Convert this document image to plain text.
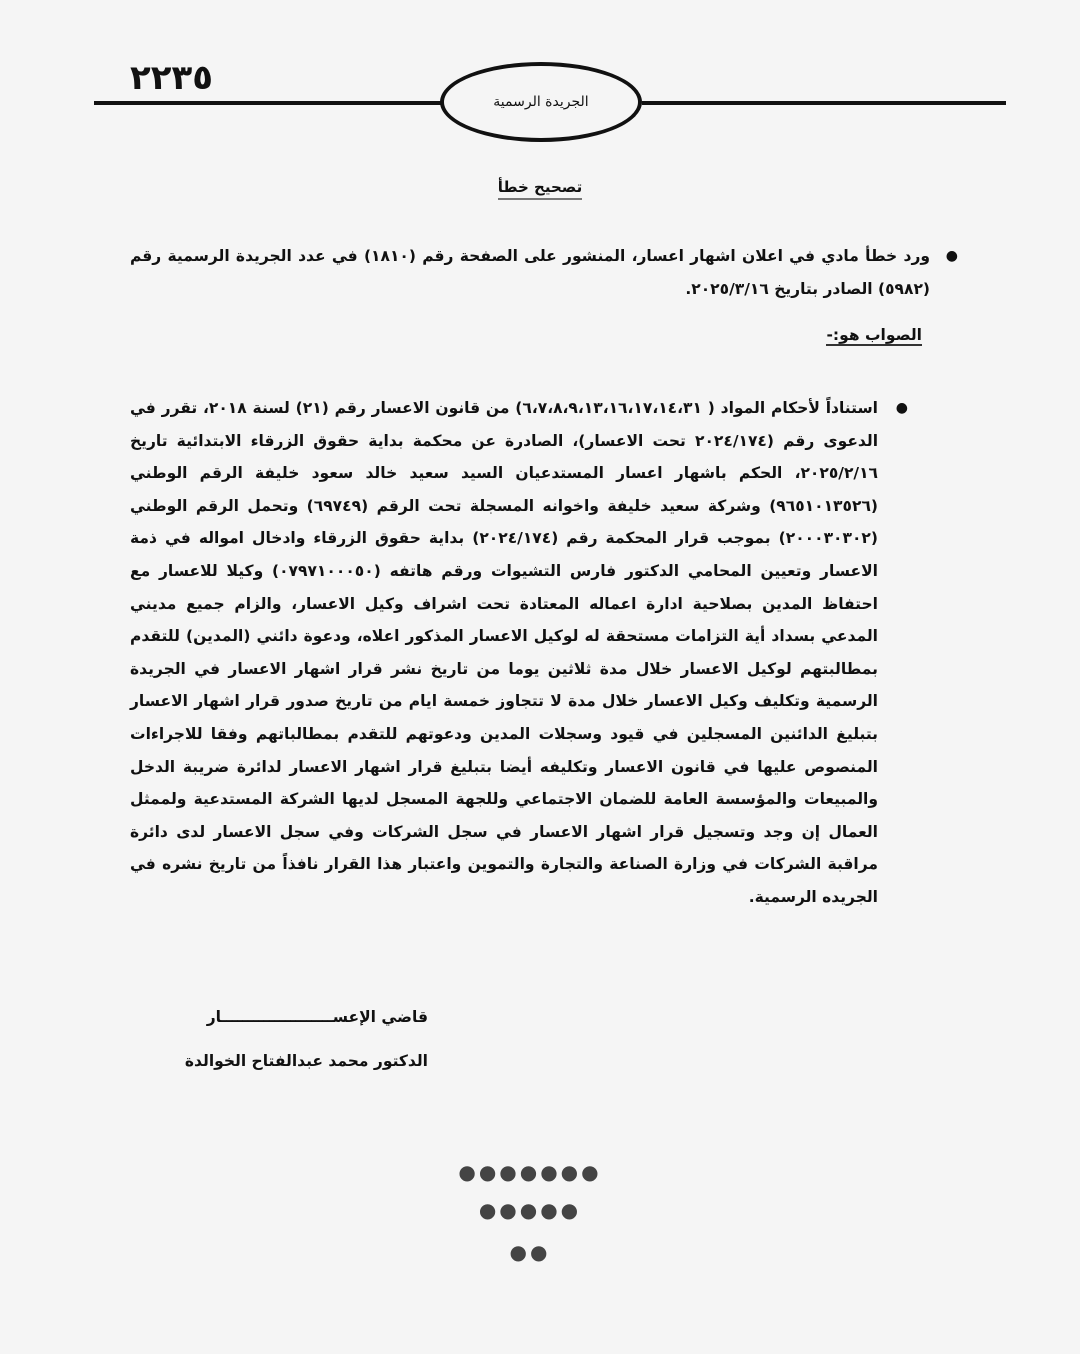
٢٢٣٥
الجريدة الرسمية
تصحيح خطأ
●
ورد خطأ مادي في اعلان اشهار اعسار، المنشور على الصفحة رقم (١٨١٠) في عدد الجريدة الرسمية رقم (٥٩٨٢) الصادر بتاريخ ٢٠٢٥/٣/١٦.
الصواب هو:-
●
استناداً لأحكام المواد ( ٦،٧،٨،٩،١٣،١٦،١٧،١٤،٣١) من قانون الاعسار رقم (٢١) لسنة ٢٠١٨، تقرر في الدعوى رقم (٢٠٢٤/١٧٤ تحت الاعسار)، الصادرة عن محكمة بداية حقوق الزرقاء الابتدائية تاريخ ٢٠٢٥/٢/١٦، الحكم باشهار اعسار المستدعيان السيد سعيد خالد سعود خليفة الرقم الوطني (٩٦٥١٠١٣٥٢٦) وشركة سعيد خليفة واخوانه المسجلة تحت الرقم (٦٩٧٤٩) وتحمل الرقم الوطني (٢٠٠٠٣٠٣٠٢) بموجب قرار المحكمة رقم (٢٠٢٤/١٧٤) بداية حقوق الزرقاء وادخال امواله في ذمة الاعسار وتعيين المحامي الدكتور فارس التشيوات ورقم هاتفه (٠٧٩٧١٠٠٠٥٠) وكيلا للاعسار مع احتفاظ المدين بصلاحية ادارة اعماله المعتادة تحت اشراف وكيل الاعسار، والزام جميع مديني المدعي بسداد أية التزامات مستحقة له لوكيل الاعسار المذكور اعلاه، ودعوة دائني (المدين) للتقدم بمطالبتهم لوكيل الاعسار خلال مدة ثلاثين يوما من تاريخ نشر قرار اشهار الاعسار في الجريدة الرسمية وتكليف وكيل الاعسار خلال مدة لا تتجاوز خمسة ايام من تاريخ صدور قرار اشهار الاعسار بتبليغ الدائنين المسجلين في قيود وسجلات المدين ودعوتهم للتقدم بمطالباتهم وفقا للاجراءات المنصوص عليها في قانون الاعسار وتكليفه أيضا بتبليغ قرار اشهار الاعسار لدائرة ضريبة الدخل والمبيعات والمؤسسة العامة للضمان الاجتماعي وللجهة المسجل لديها الشركة المستدعية ولممثل العمال إن وجد وتسجيل قرار اشهار الاعسار في سجل الشركات وفي سجل الاعسار لدى دائرة مراقبة الشركات في وزارة الصناعة والتجارة والتموين واعتبار هذا القرار نافذاً من تاريخ نشره في الجريده الرسمية.
قاضي الإعســـــــــــــــــــــار
الدكتور محمد عبدالفتاح الخوالدة
●●●●●●●
●●●●●
●●
